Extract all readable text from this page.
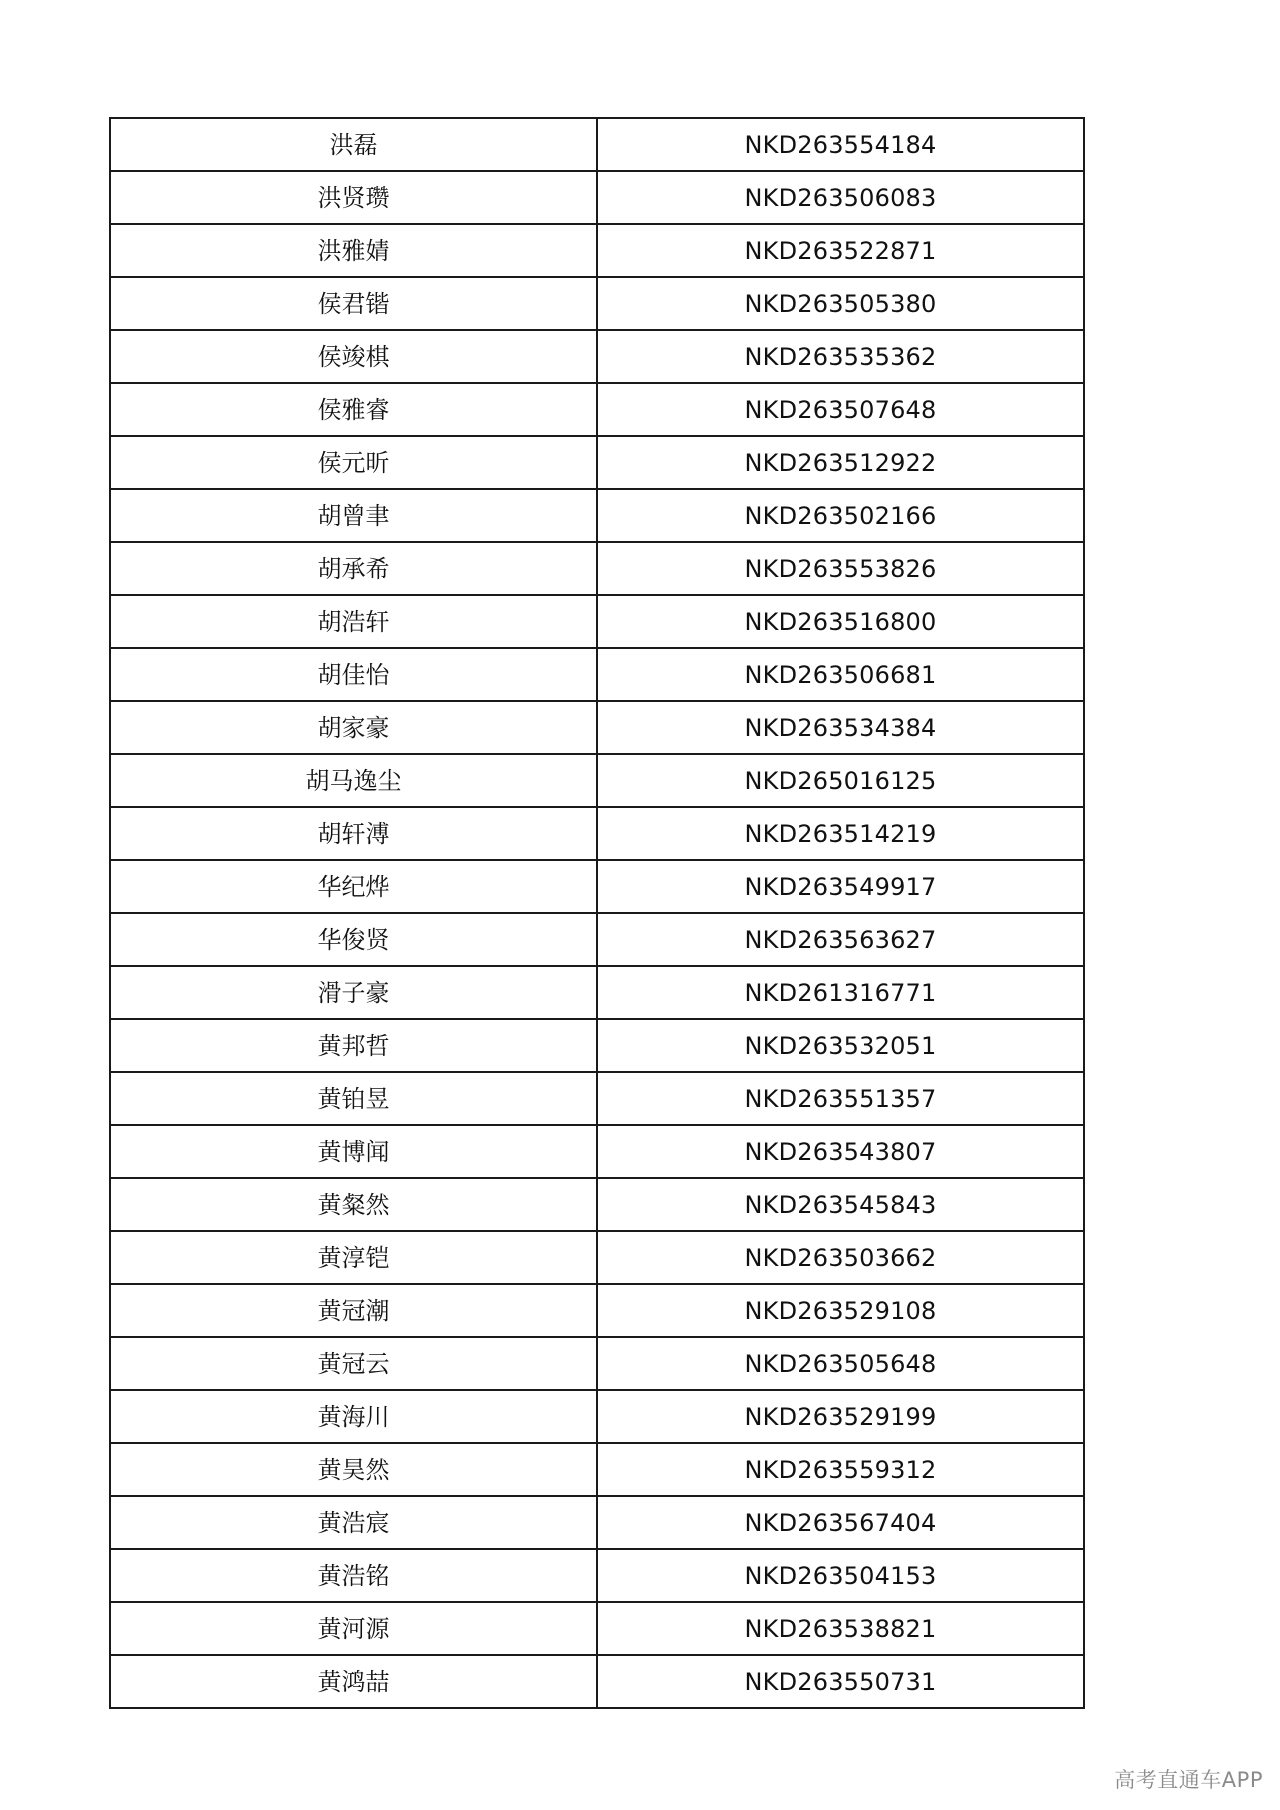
洪磊	NKD263554184
洪贤瓒	NKD263506083
洪雅婧	NKD263522871
侯君锴	NKD263505380
侯竣棋	NKD263535362
侯雅睿	NKD263507648
侯元昕	NKD263512922
胡曾聿	NKD263502166
胡承希	NKD263553826
胡浩轩	NKD263516800
胡佳怡	NKD263506681
胡家豪	NKD263534384
胡马逸尘	NKD265016125
胡轩溥	NKD263514219
华纪烨	NKD263549917
华俊贤	NKD263563627
滑子豪	NKD261316771
黄邦哲	NKD263532051
黄铂昱	NKD263551357
黄博闻	NKD263543807
黄粲然	NKD263545843
黄淳铠	NKD263503662
黄冠潮	NKD263529108
黄冠云	NKD263505648
黄海川	NKD263529199
黄昊然	NKD263559312
黄浩宸	NKD263567404
黄浩铭	NKD263504153
黄河源	NKD263538821
黄鸿喆	NKD263550731
高考直通车APP
